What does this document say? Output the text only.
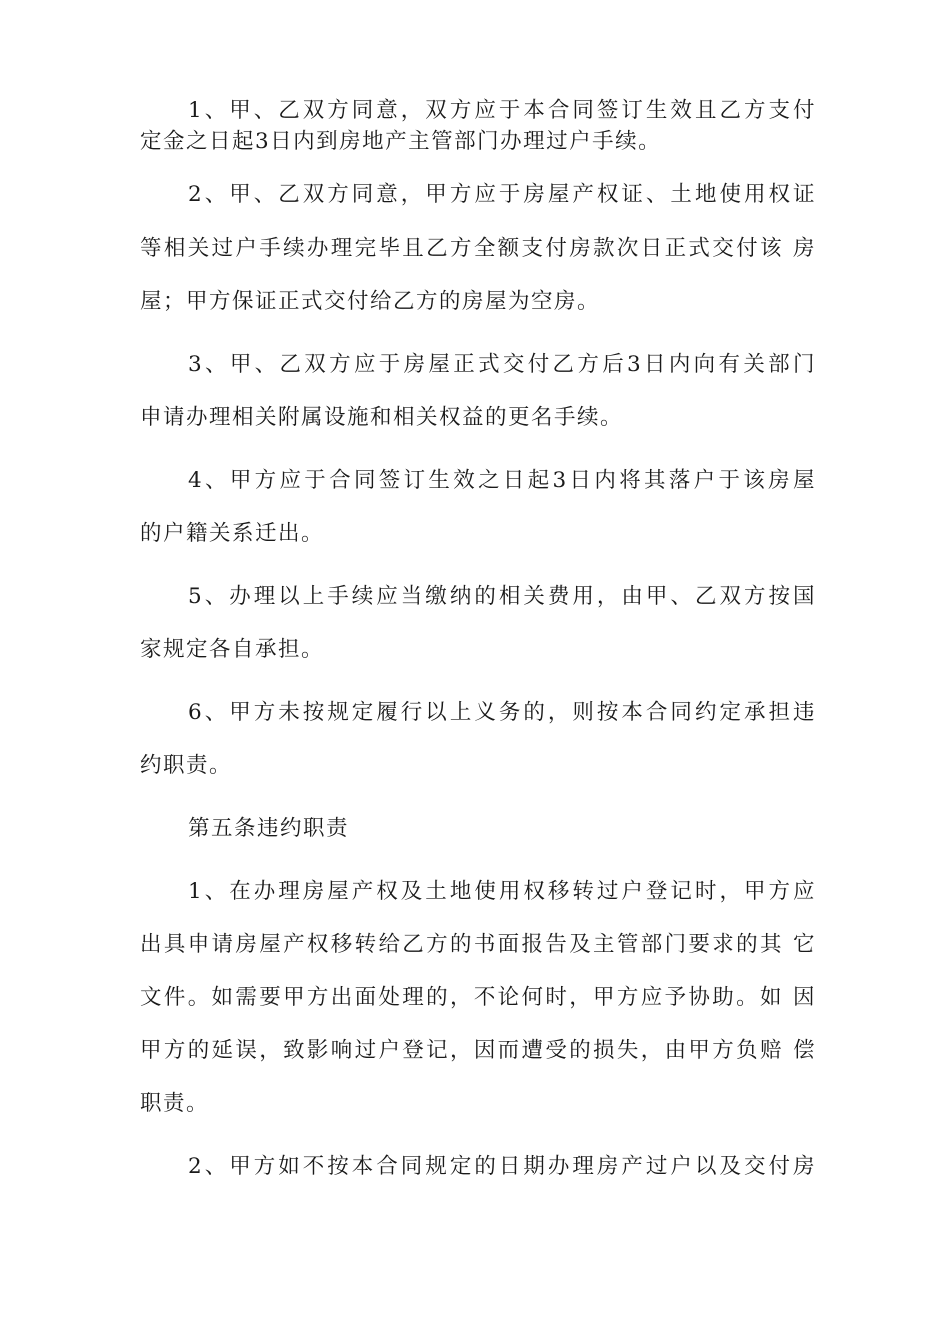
1、甲、乙双方同意，双方应于本合同签订生效且乙方支付
定金之日起3日内到房地产主管部门办理过户手续。
2、甲、乙双方同意，甲方应于房屋产权证、土地使用权证
等相关过户手续办理完毕且乙方全额支付房款次日正式交付该 房
屋；甲方保证正式交付给乙方的房屋为空房。
3、甲、乙双方应于房屋正式交付乙方后3日内向有关部门
申请办理相关附属设施和相关权益的更名手续。
4、甲方应于合同签订生效之日起3日内将其落户于该房屋
的户籍关系迁出。
5、办理以上手续应当缴纳的相关费用，由甲、乙双方按国
家规定各自承担。
6、甲方未按规定履行以上义务的，则按本合同约定承担违
约职责。
第五条违约职责
1、在办理房屋产权及土地使用权移转过户登记时，甲方应
出具申请房屋产权移转给乙方的书面报告及主管部门要求的其 它
文件。如需要甲方出面处理的，不论何时，甲方应予协助。如 因
甲方的延误，致影响过户登记，因而遭受的损失，由甲方负赔 偿
职责。
2、甲方如不按本合同规定的日期办理房产过户以及交付房
